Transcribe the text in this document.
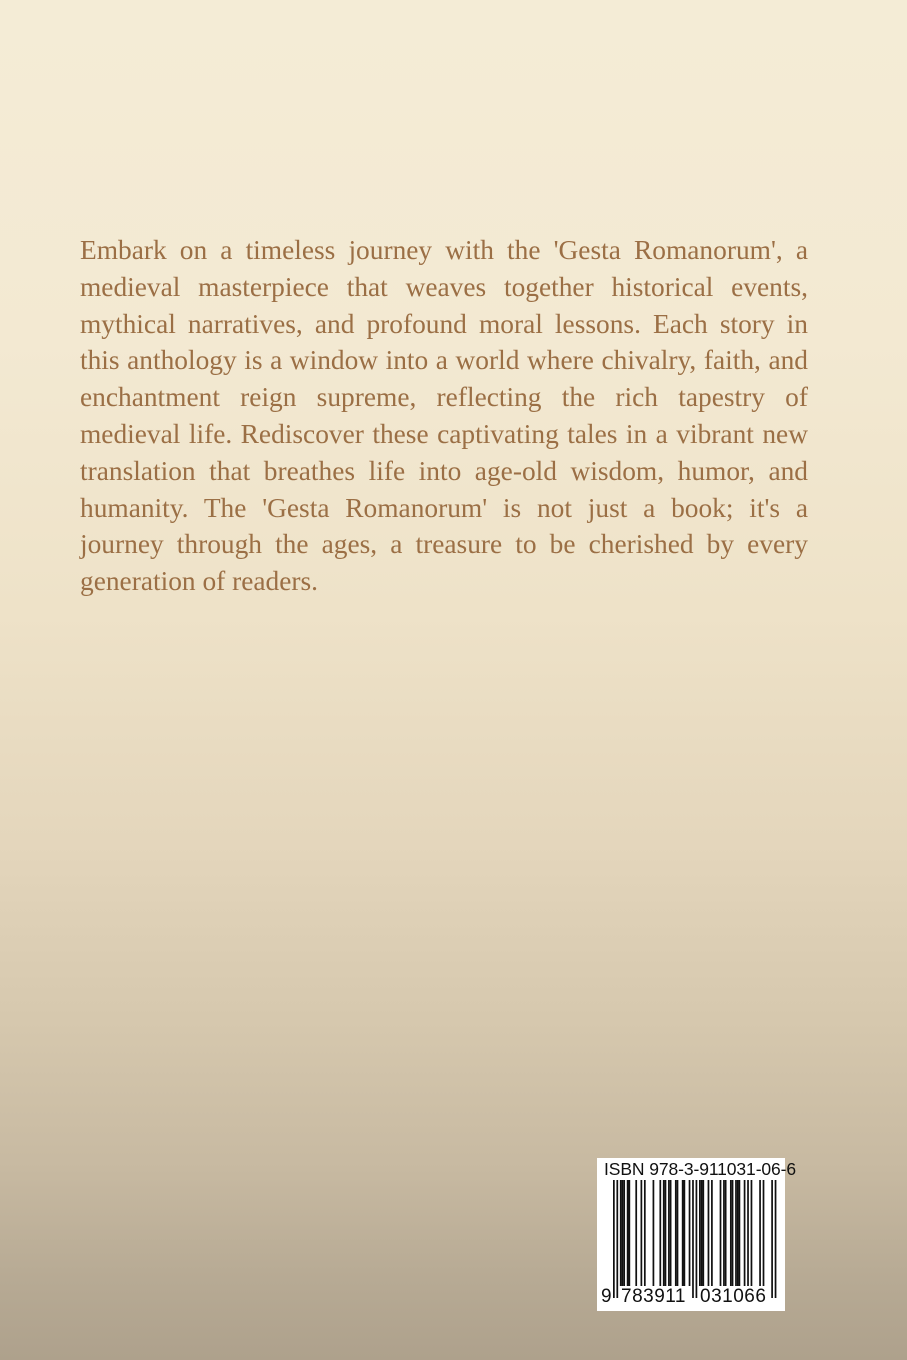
Embark on a timeless journey with the 'Gesta Romanorum', a medieval masterpiece that weaves together historical events, mythical narratives, and profound moral lessons. Each story in this anthology is a window into a world where chivalry, faith, and enchantment reign supreme, reflecting the rich tapestry of medieval life. Rediscover these captivating tales in a vibrant new translation that breathes life into age-old wisdom, humor, and humanity. The 'Gesta Romanorum' is not just a book; it's a journey through the ages, a treasure to be cherished by every generation of readers.

ISBN 978-3-911031-06-6
9 783911 031066
